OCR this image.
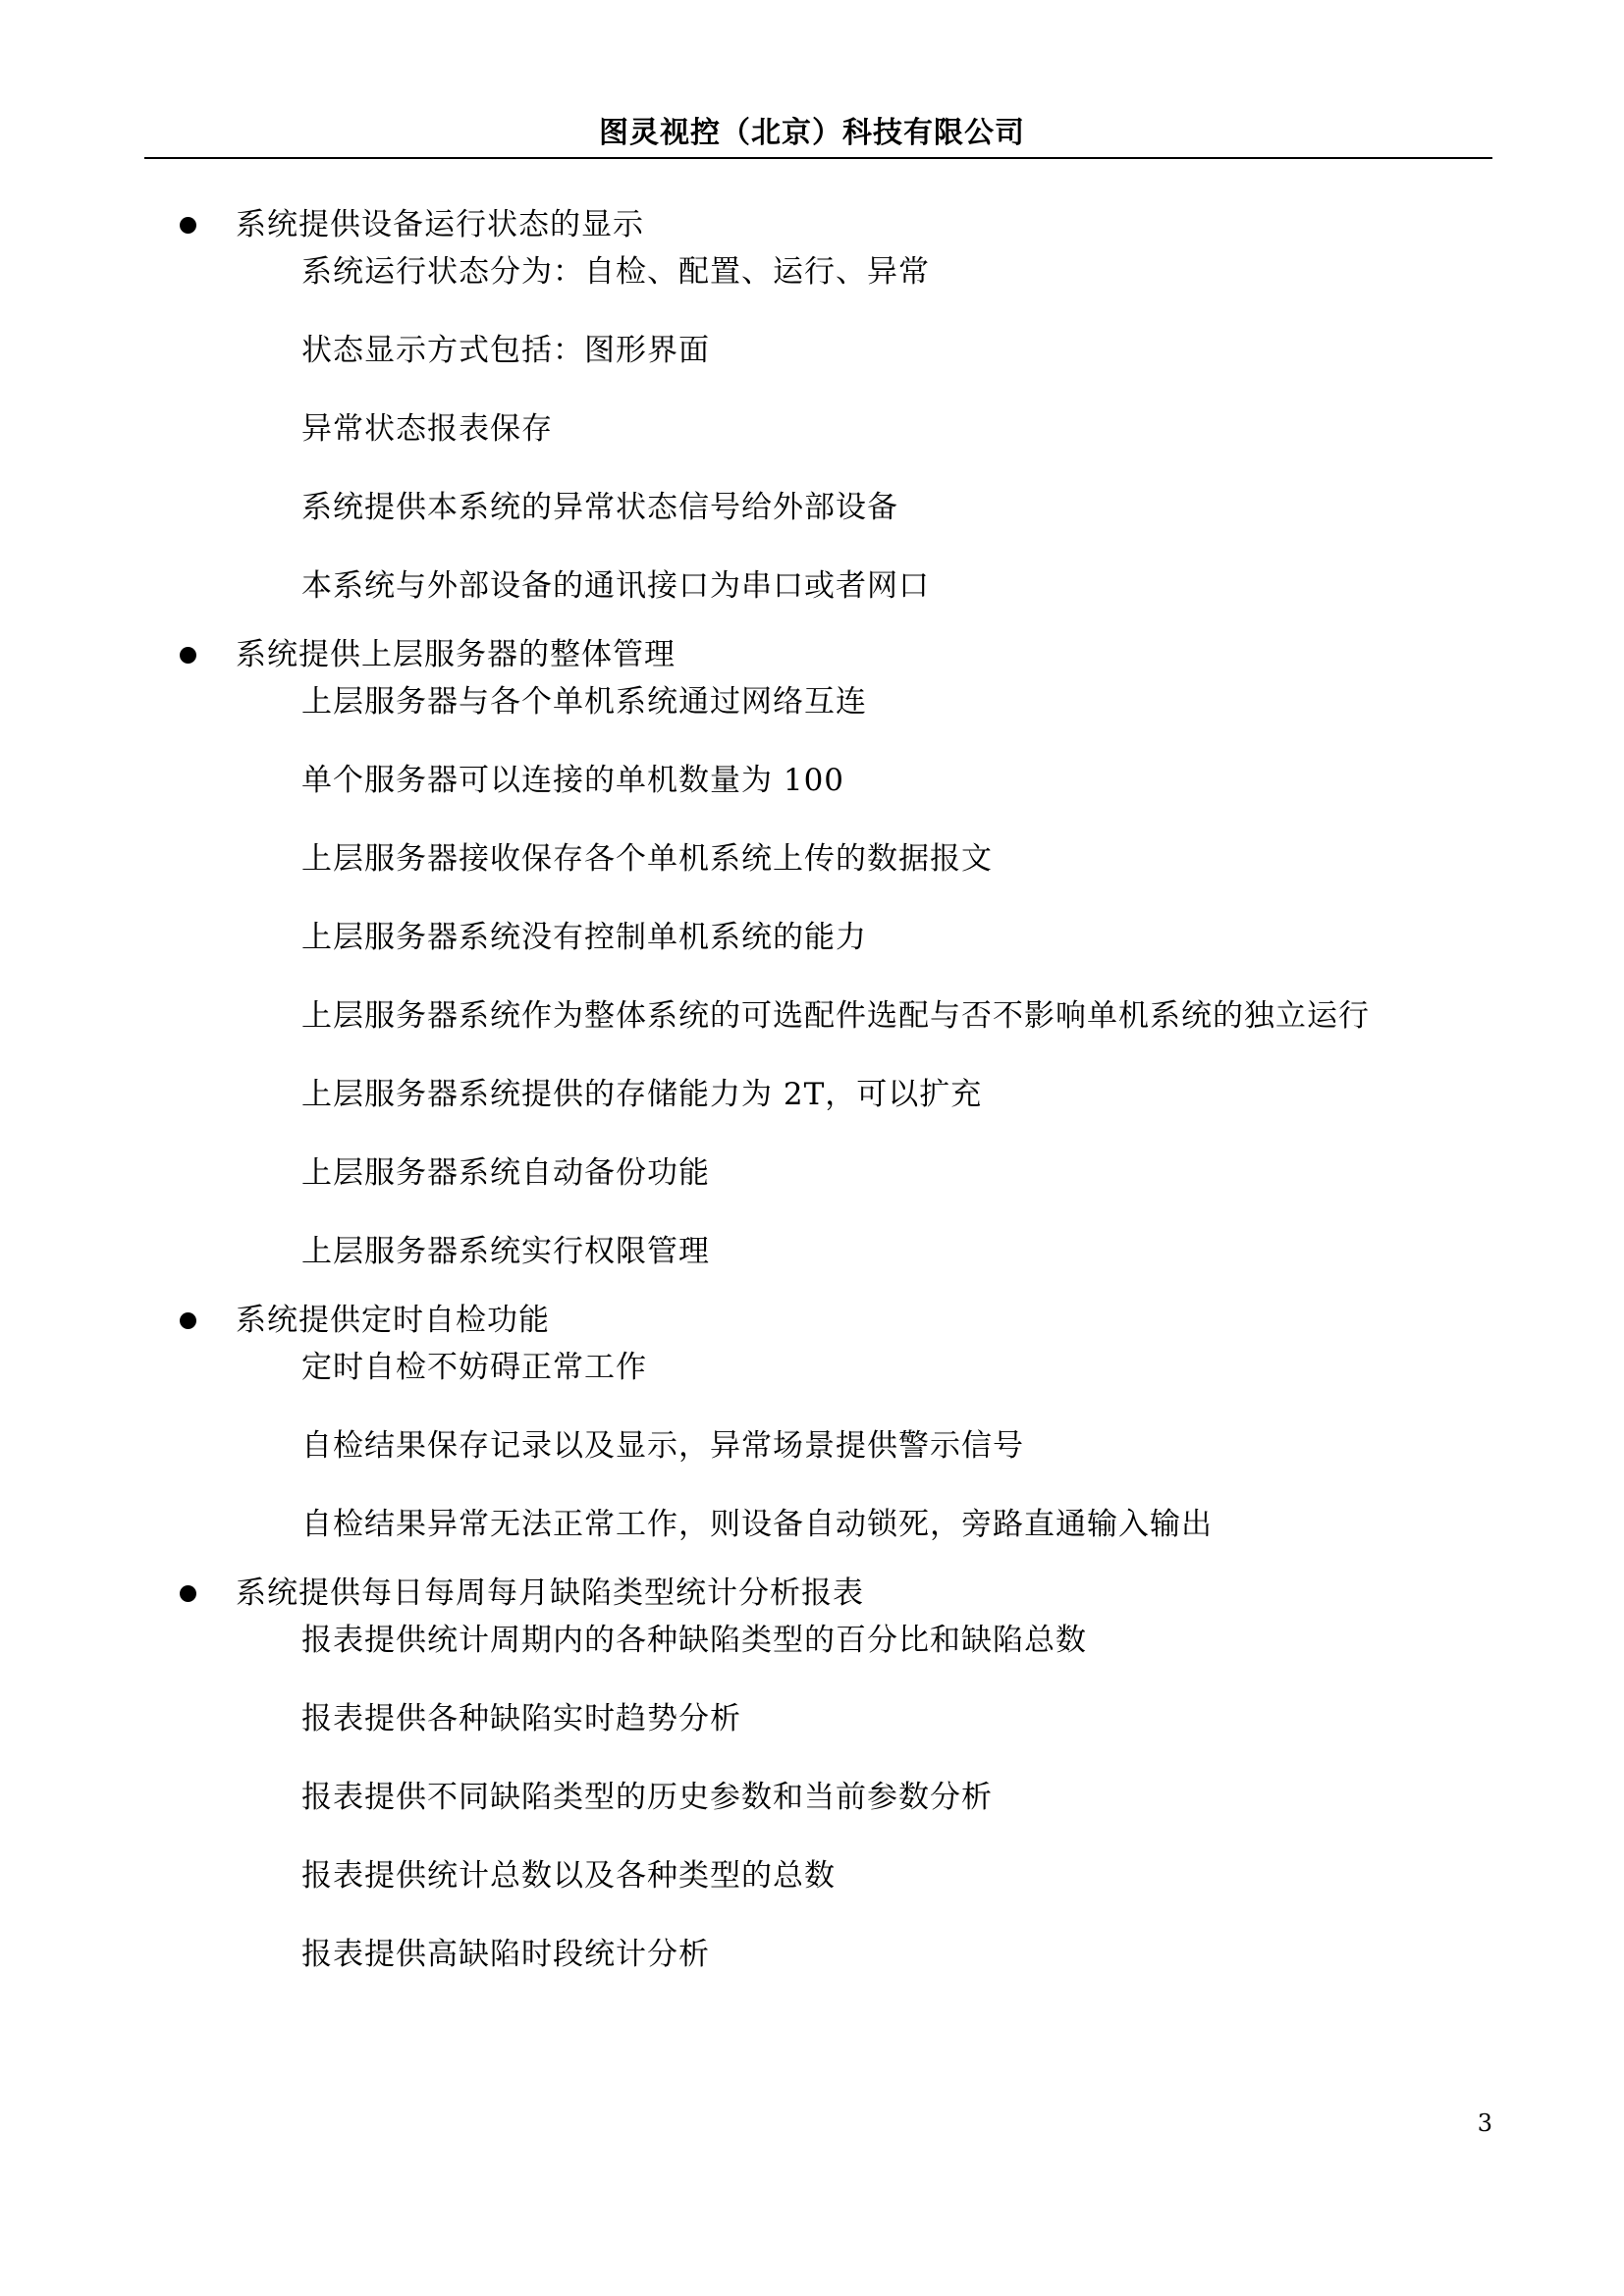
图灵视控（北京）科技有限公司
系统提供设备运行状态的显示
系统运行状态分为：自检、配置、运行、异常
状态显示方式包括：图形界面
异常状态报表保存
系统提供本系统的异常状态信号给外部设备
本系统与外部设备的通讯接口为串口或者网口
系统提供上层服务器的整体管理
上层服务器与各个单机系统通过网络互连
单个服务器可以连接的单机数量为 100
上层服务器接收保存各个单机系统上传的数据报文
上层服务器系统没有控制单机系统的能力
上层服务器系统作为整体系统的可选配件选配与否不影响单机系统的独立运行
上层服务器系统提供的存储能力为 2T，可以扩充
上层服务器系统自动备份功能
上层服务器系统实行权限管理
系统提供定时自检功能
定时自检不妨碍正常工作
自检结果保存记录以及显示，异常场景提供警示信号
自检结果异常无法正常工作，则设备自动锁死，旁路直通输入输出
系统提供每日每周每月缺陷类型统计分析报表
报表提供统计周期内的各种缺陷类型的百分比和缺陷总数
报表提供各种缺陷实时趋势分析
报表提供不同缺陷类型的历史参数和当前参数分析
报表提供统计总数以及各种类型的总数
报表提供高缺陷时段统计分析
3
